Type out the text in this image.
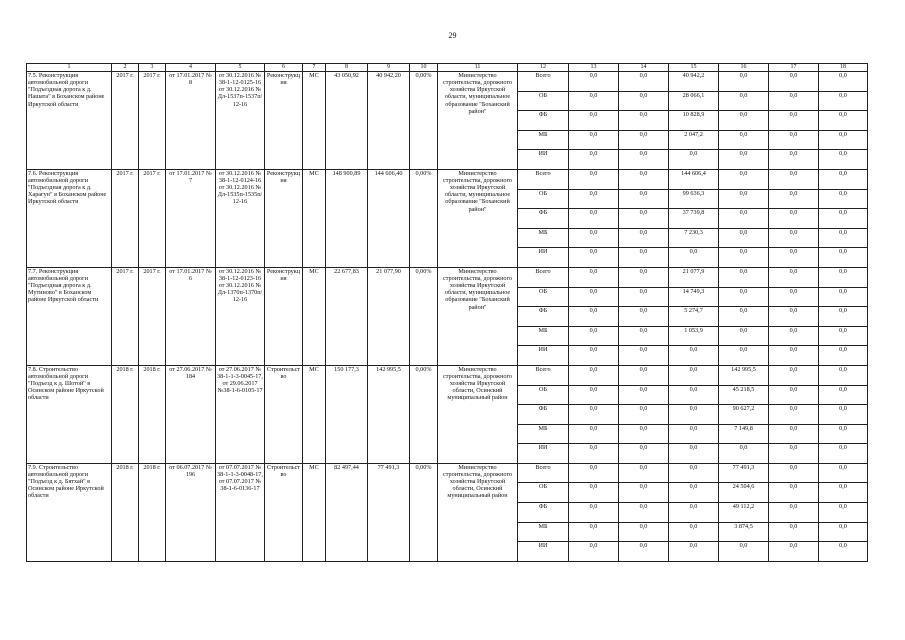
29
1	2	3	4	5	6	7	8	9	10	11	12	13	14	15	16	17	18
7.5. Реконструкция автомобильной дороги "Подъездная дорога к д. Нашата" в Боханском районе Иркутской области	2017 г.	2017 г.	от 17.01.2017 № 8	от 30.12.2016 № 38-1-12-0125-16 от 30.12.2016 № Дл-1537п-1537п/12-16	Реконструкция	МС	43 050,92	40 942,20	0,00%	Министерство строительства, дорожного хозяйства Иркутской области, муниципальное образование "Боханский район"	Всего	0,0	0,0	40 942,2	0,0	0,0	0,0
											ОБ	0,0	0,0	28 066,1	0,0	0,0	0,0
											ФБ	0,0	0,0	10 828,9	0,0	0,0	0,0
											МБ	0,0	0,0	2 047,2	0,0	0,0	0,0
											ИИ	0,0	0,0	0,0	0,0	0,0	0,0
7.6. Реконструкция автомобильной дороги "Подъездная дорога к д. Харагун" в Боханском районе Иркутской области	2017 г.	2017 г.	от 17.01.2017 № 7	от 30.12.2016 № 38-1-12-0124-16 от 30.12.2016 № Дл-1535п-1535п/12-16	Реконструкция	МС	148 900,89	144 606,40	0,00%	Министерство строительства, дорожного хозяйства Иркутской области, муниципальное образование "Боханский район"	Всего	0,0	0,0	144 606,4	0,0	0,0	0,0
											ОБ	0,0	0,0	99 636,3	0,0	0,0	0,0
											ФБ	0,0	0,0	37 739,8	0,0	0,0	0,0
											МБ	0,0	0,0	7 230,3	0,0	0,0	0,0
											ИИ	0,0	0,0	0,0	0,0	0,0	0,0
7.7. Реконструкция автомобильной дороги "Подъездная дорога к д. Мутиново" в Боханском районе Иркутской области	2017 г.	2017 г.	от 17.01.2017 № 6	от 30.12.2016 № 38-1-12-0123-16 от 30.12.2016 № Дл-1370п-1370п/12-16	Реконструкция	МС	22 677,83	21 077,90	0,00%	Министерство строительства, дорожного хозяйства Иркутской области, муниципальное образование "Боханский район"	Всего	0,0	0,0	21 077,9	0,0	0,0	0,0
											ОБ	0,0	0,0	14 749,3	0,0	0,0	0,0
											ФБ	0,0	0,0	5 274,7	0,0	0,0	0,0
											МБ	0,0	0,0	1 053,9	0,0	0,0	0,0
											ИИ	0,0	0,0	0,0	0,0	0,0	0,0
7.8. Строительство автомобильной дороги "Подъезд к д. Шотой" в Осинском районе Иркутской области	2018 г.	2018 г.	от 27.06.2017 № 184	от 27.06.2017 № 38-1-1-3-0045-17, от 29.06.2017 №38-1-6-0105-17	Строительство	МС	150 177,3	142 995,5	0,00%	Министерство строительства, дорожного хозяйства Иркутской области, Осинский муниципальный район	Всего	0,0	0,0	0,0	142 995,5	0,0	0,0
											ОБ	0,0	0,0	0,0	45 218,5	0,0	0,0
											ФБ	0,0	0,0	0,0	90 627,2	0,0	0,0
											МБ	0,0	0,0	0,0	7 149,8	0,0	0,0
											ИИ	0,0	0,0	0,0	0,0	0,0	0,0
7.9. Строительство автомобильной дороги "Подъезд к д. Бятхай" в Осинском районе Иркутской области	2018 г.	2018 г.	от 06.07.2017 № 196	от 07.07.2017 № 38-1-1-3-0048-17, от 07.07.2017 № 38-1-6-0136-17	Строительство	МС	82 497,44	77 491,3	0,00%	Министерство строительства, дорожного хозяйства Иркутской области, Осинский муниципальный район	Всего	0,0	0,0	0,0	77 491,3	0,0	0,0
											ОБ	0,0	0,0	0,0	24 504,6	0,0	0,0
											ФБ	0,0	0,0	0,0	49 112,2	0,0	0,0
											МБ	0,0	0,0	0,0	3 874,5	0,0	0,0
											ИИ	0,0	0,0	0,0	0,0	0,0	0,0
